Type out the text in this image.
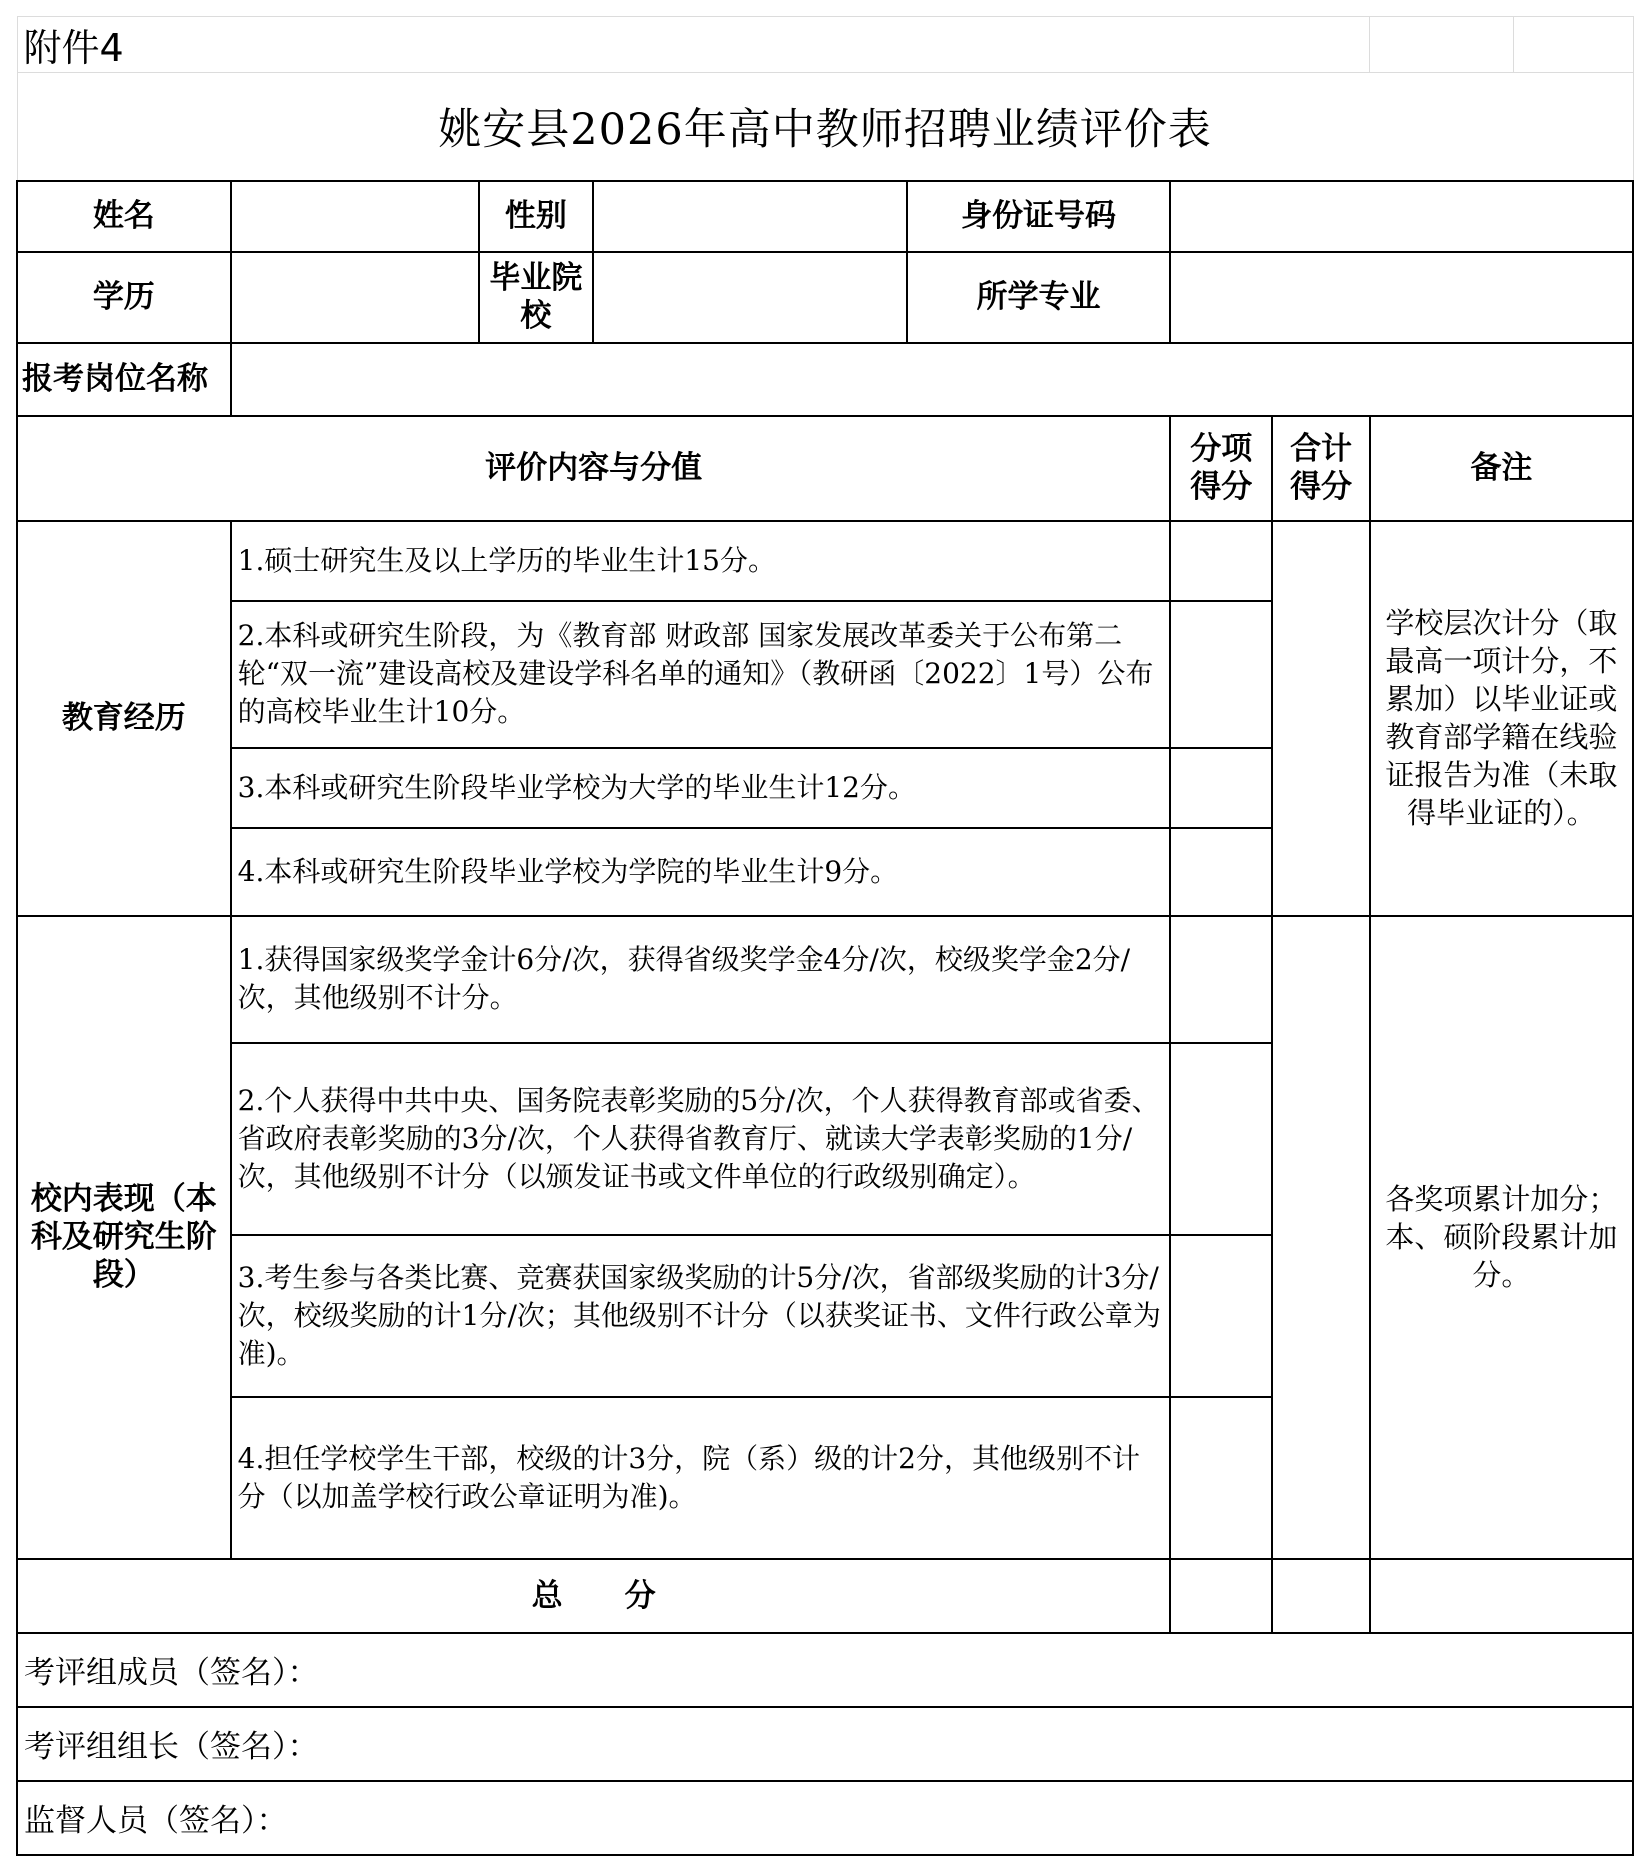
附件4								
姚安县2026年高中教师招聘业绩评价表								
姓名		性别		身份证号码				
学历		毕业院校		所学专业				
报考岗位名称								
评价内容与分值					分项得分	合计得分	备注	
教育经历	1.硕士研究生及以上学历的毕业生计15分。						学校层次计分（取最高一项计分，不累加）以毕业证或教育部学籍在线验证报告为准（未取得毕业证的）。	
	2.本科或研究生阶段，为《教育部 财政部 国家发展改革委关于公布第二轮“双一流”建设高校及建设学科名单的通知》（教研函〔2022〕1号）公布的高校毕业生计10分。							
	3.本科或研究生阶段毕业学校为大学的毕业生计12分。							
	4.本科或研究生阶段毕业学校为学院的毕业生计9分。							
校内表现（本科及研究生阶段）	1.获得国家级奖学金计6分/次，获得省级奖学金4分/次，校级奖学金2分/次，其他级别不计分。						各奖项累计加分；本、硕阶段累计加分。	
	2.个人获得中共中央、国务院表彰奖励的5分/次，个人获得教育部或省委、省政府表彰奖励的3分/次，个人获得省教育厅、就读大学表彰奖励的1分/次，其他级别不计分（以颁发证书或文件单位的行政级别确定）。							
	3.考生参与各类比赛、竞赛获国家级奖励的计5分/次，省部级奖励的计3分/次，校级奖励的计1分/次；其他级别不计分（以获奖证书、文件行政公章为准)。							
	4.担任学校学生干部，校级的计3分，院（系）级的计2分，其他级别不计分（以加盖学校行政公章证明为准)。							
总　　分								
考评组成员（签名）：								
考评组组长（签名）：								
监督人员（签名）：								
